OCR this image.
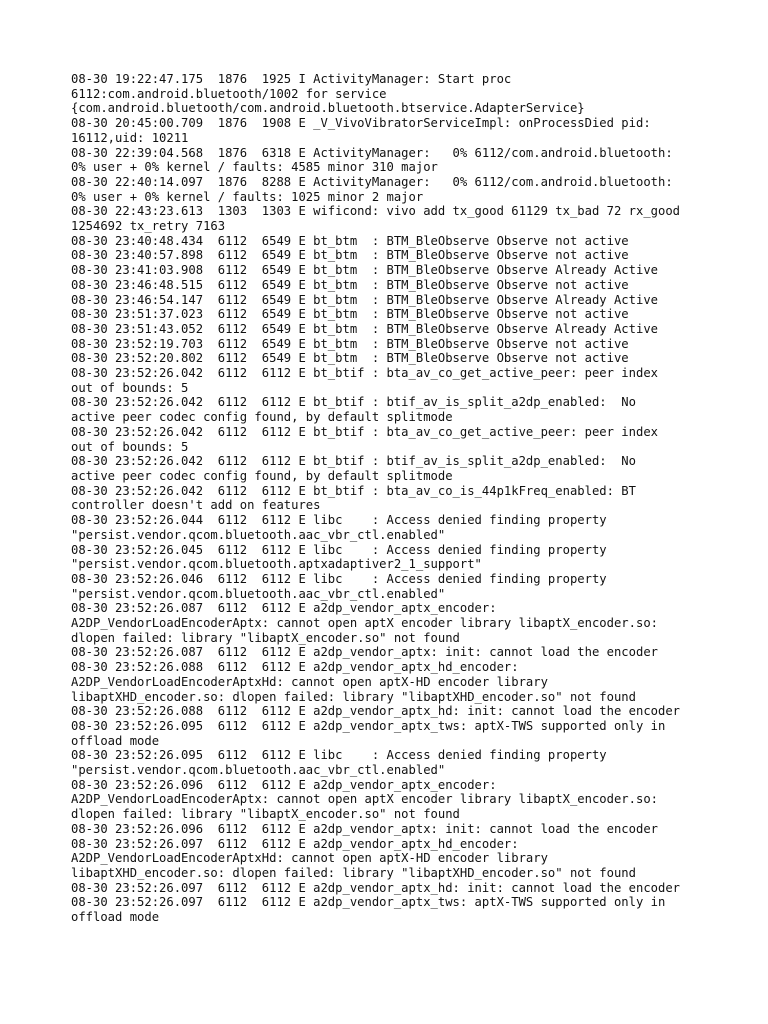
08-30 19:22:47.175  1876  1925 I ActivityManager: Start proc
6112:com.android.bluetooth/1002 for service
{com.android.bluetooth/com.android.bluetooth.btservice.AdapterService}
08-30 20:45:00.709  1876  1908 E _V_VivoVibratorServiceImpl: onProcessDied pid:
16112,uid: 10211
08-30 22:39:04.568  1876  6318 E ActivityManager:   0% 6112/com.android.bluetooth:
0% user + 0% kernel / faults: 4585 minor 310 major
08-30 22:40:14.097  1876  8288 E ActivityManager:   0% 6112/com.android.bluetooth:
0% user + 0% kernel / faults: 1025 minor 2 major
08-30 22:43:23.613  1303  1303 E wificond: vivo add tx_good 61129 tx_bad 72 rx_good
1254692 tx_retry 7163
08-30 23:40:48.434  6112  6549 E bt_btm  : BTM_BleObserve Observe not active
08-30 23:40:57.898  6112  6549 E bt_btm  : BTM_BleObserve Observe not active
08-30 23:41:03.908  6112  6549 E bt_btm  : BTM_BleObserve Observe Already Active
08-30 23:46:48.515  6112  6549 E bt_btm  : BTM_BleObserve Observe not active
08-30 23:46:54.147  6112  6549 E bt_btm  : BTM_BleObserve Observe Already Active
08-30 23:51:37.023  6112  6549 E bt_btm  : BTM_BleObserve Observe not active
08-30 23:51:43.052  6112  6549 E bt_btm  : BTM_BleObserve Observe Already Active
08-30 23:52:19.703  6112  6549 E bt_btm  : BTM_BleObserve Observe not active
08-30 23:52:20.802  6112  6549 E bt_btm  : BTM_BleObserve Observe not active
08-30 23:52:26.042  6112  6112 E bt_btif : bta_av_co_get_active_peer: peer index
out of bounds: 5
08-30 23:52:26.042  6112  6112 E bt_btif : btif_av_is_split_a2dp_enabled:  No
active peer codec config found, by default splitmode
08-30 23:52:26.042  6112  6112 E bt_btif : bta_av_co_get_active_peer: peer index
out of bounds: 5
08-30 23:52:26.042  6112  6112 E bt_btif : btif_av_is_split_a2dp_enabled:  No
active peer codec config found, by default splitmode
08-30 23:52:26.042  6112  6112 E bt_btif : bta_av_co_is_44p1kFreq_enabled: BT
controller doesn't add on features
08-30 23:52:26.044  6112  6112 E libc    : Access denied finding property
"persist.vendor.qcom.bluetooth.aac_vbr_ctl.enabled"
08-30 23:52:26.045  6112  6112 E libc    : Access denied finding property
"persist.vendor.qcom.bluetooth.aptxadaptiver2_1_support"
08-30 23:52:26.046  6112  6112 E libc    : Access denied finding property
"persist.vendor.qcom.bluetooth.aac_vbr_ctl.enabled"
08-30 23:52:26.087  6112  6112 E a2dp_vendor_aptx_encoder:
A2DP_VendorLoadEncoderAptx: cannot open aptX encoder library libaptX_encoder.so:
dlopen failed: library "libaptX_encoder.so" not found
08-30 23:52:26.087  6112  6112 E a2dp_vendor_aptx: init: cannot load the encoder
08-30 23:52:26.088  6112  6112 E a2dp_vendor_aptx_hd_encoder:
A2DP_VendorLoadEncoderAptxHd: cannot open aptX-HD encoder library
libaptXHD_encoder.so: dlopen failed: library "libaptXHD_encoder.so" not found
08-30 23:52:26.088  6112  6112 E a2dp_vendor_aptx_hd: init: cannot load the encoder
08-30 23:52:26.095  6112  6112 E a2dp_vendor_aptx_tws: aptX-TWS supported only in
offload mode
08-30 23:52:26.095  6112  6112 E libc    : Access denied finding property
"persist.vendor.qcom.bluetooth.aac_vbr_ctl.enabled"
08-30 23:52:26.096  6112  6112 E a2dp_vendor_aptx_encoder:
A2DP_VendorLoadEncoderAptx: cannot open aptX encoder library libaptX_encoder.so:
dlopen failed: library "libaptX_encoder.so" not found
08-30 23:52:26.096  6112  6112 E a2dp_vendor_aptx: init: cannot load the encoder
08-30 23:52:26.097  6112  6112 E a2dp_vendor_aptx_hd_encoder:
A2DP_VendorLoadEncoderAptxHd: cannot open aptX-HD encoder library
libaptXHD_encoder.so: dlopen failed: library "libaptXHD_encoder.so" not found
08-30 23:52:26.097  6112  6112 E a2dp_vendor_aptx_hd: init: cannot load the encoder
08-30 23:52:26.097  6112  6112 E a2dp_vendor_aptx_tws: aptX-TWS supported only in
offload mode
